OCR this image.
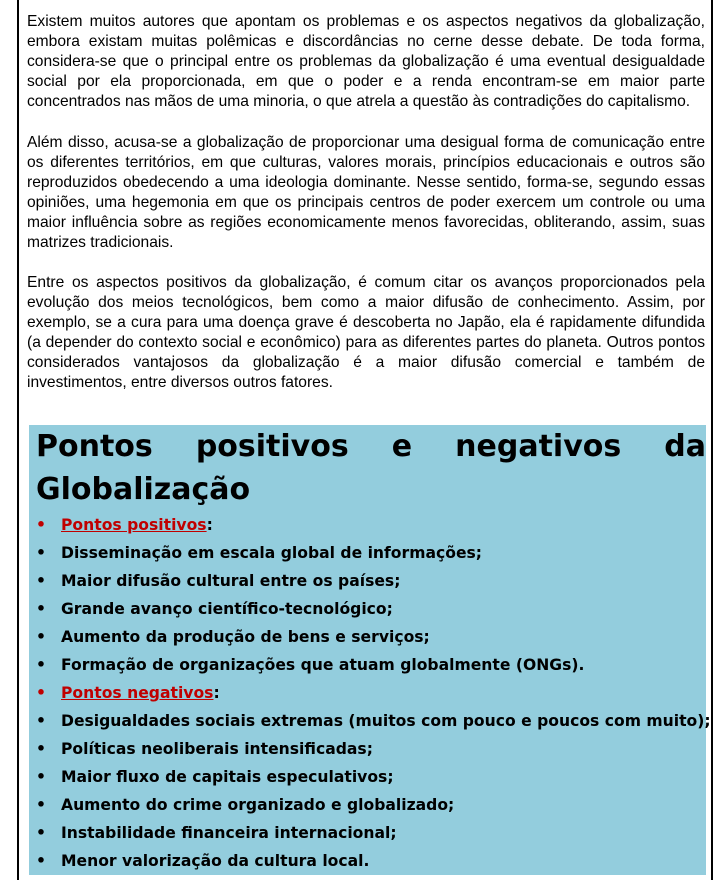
Existem muitos autores que apontam os problemas e os aspectos negativos da globalização, embora existam muitas polêmicas e discordâncias no cerne desse debate. De toda forma, considera-se que o principal entre os problemas da globalização é uma eventual desigualdade social por ela proporcionada, em que o poder e a renda encontram-se em maior parte concentrados nas mãos de uma minoria, o que atrela a questão às contradições do capitalismo.

Além disso, acusa-se a globalização de proporcionar uma desigual forma de comunicação entre os diferentes territórios, em que culturas, valores morais, princípios educacionais e outros são reproduzidos obedecendo a uma ideologia dominante. Nesse sentido, forma-se, segundo essas opiniões, uma hegemonia em que os principais centros de poder exercem um controle ou uma maior influência sobre as regiões economicamente menos favorecidas, obliterando, assim, suas matrizes tradicionais.

Entre os aspectos positivos da globalização, é comum citar os avanços proporcionados pela evolução dos meios tecnológicos, bem como a maior difusão de conhecimento. Assim, por exemplo, se a cura para uma doença grave é descoberta no Japão, ela é rapidamente difundida (a depender do contexto social e econômico) para as diferentes partes do planeta. Outros pontos considerados vantajosos da globalização é a maior difusão comercial e também de investimentos, entre diversos outros fatores.

Pontos positivos e negativos da
Globalização
• Pontos positivos:
• Disseminação em escala global de informações;
• Maior difusão cultural entre os países;
• Grande avanço científico-tecnológico;
• Aumento da produção de bens e serviços;
• Formação de organizações que atuam globalmente (ONGs).
• Pontos negativos:
• Desigualdades sociais extremas (muitos com pouco e poucos com muito);
• Políticas neoliberais intensificadas;
• Maior fluxo de capitais especulativos;
• Aumento do crime organizado e globalizado;
• Instabilidade financeira internacional;
• Menor valorização da cultura local.
